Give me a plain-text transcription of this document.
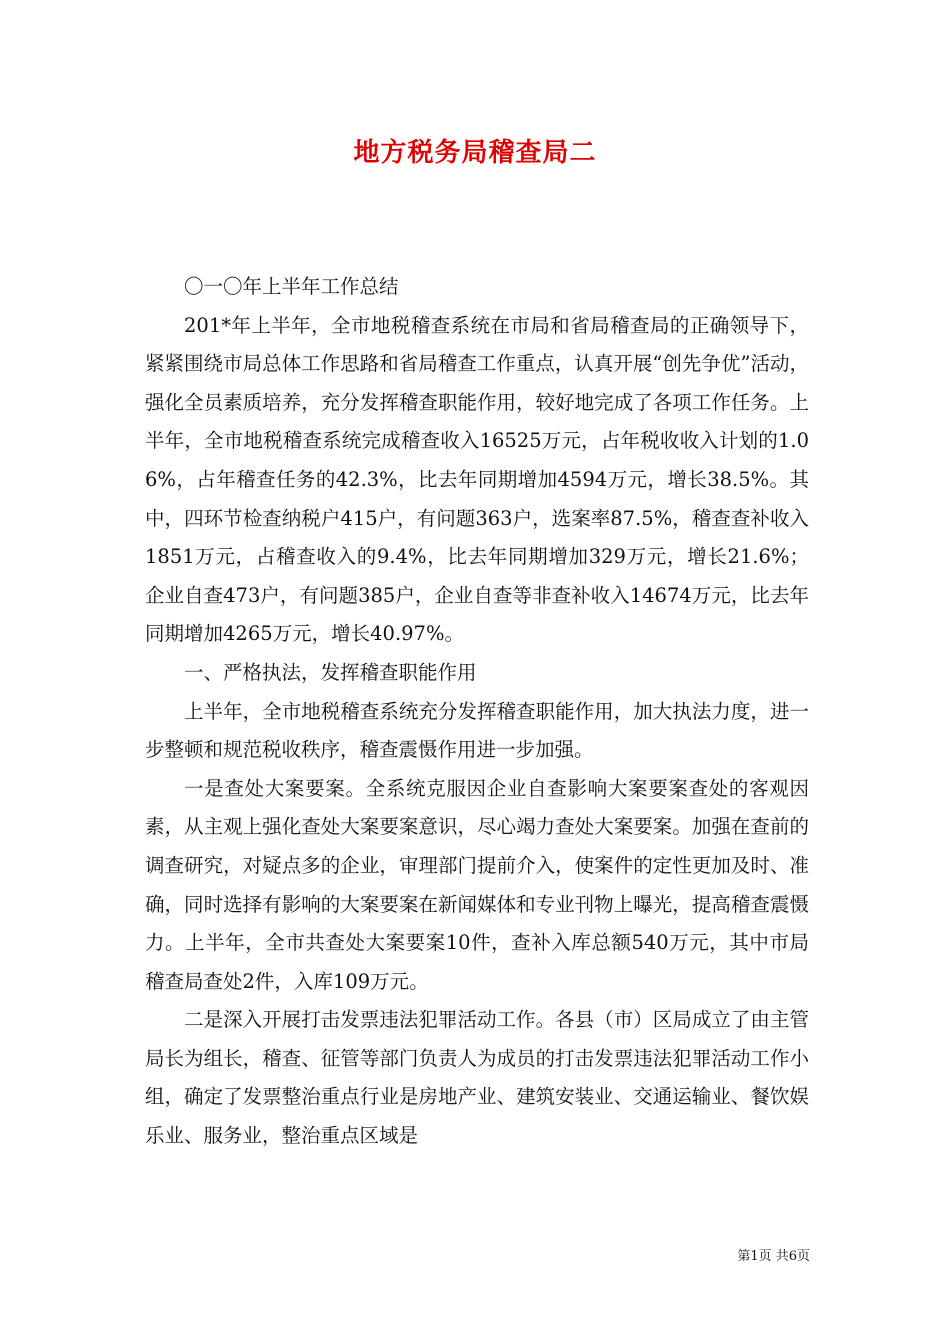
地方税务局稽查局二

〇一〇年上半年工作总结

201*年上半年，全市地税稽查系统在市局和省局稽查局的正确领导下，紧紧围绕市局总体工作思路和省局稽查工作重点，认真开展“创先争优”活动，强化全员素质培养，充分发挥稽查职能作用，较好地完成了各项工作任务。上半年，全市地税稽查系统完成稽查收入16525万元，占年税收收入计划的1.06%，占年稽查任务的42.3%，比去年同期增加4594万元，增长38.5%。其中，四环节检查纳税户415户，有问题363户，选案率87.5%，稽查查补收入1851万元，占稽查收入的9.4%，比去年同期增加329万元，增长21.6%；企业自查473户，有问题385户，企业自查等非查补收入14674万元，比去年同期增加4265万元，增长40.97%。

一、严格执法，发挥稽查职能作用

上半年，全市地税稽查系统充分发挥稽查职能作用，加大执法力度，进一步整顿和规范税收秩序，稽查震慑作用进一步加强。

一是查处大案要案。全系统克服因企业自查影响大案要案查处的客观因素，从主观上强化查处大案要案意识，尽心竭力查处大案要案。加强在查前的调查研究，对疑点多的企业，审理部门提前介入，使案件的定性更加及时、准确，同时选择有影响的大案要案在新闻媒体和专业刊物上曝光，提高稽查震慑力。上半年，全市共查处大案要案10件，查补入库总额540万元，其中市局稽查局查处2件，入库109万元。

二是深入开展打击发票违法犯罪活动工作。各县（市）区局成立了由主管局长为组长，稽查、征管等部门负责人为成员的打击发票违法犯罪活动工作小组，确定了发票整治重点行业是房地产业、建筑安装业、交通运输业、餐饮娱乐业、服务业，整治重点区域是

第1页 共6页
